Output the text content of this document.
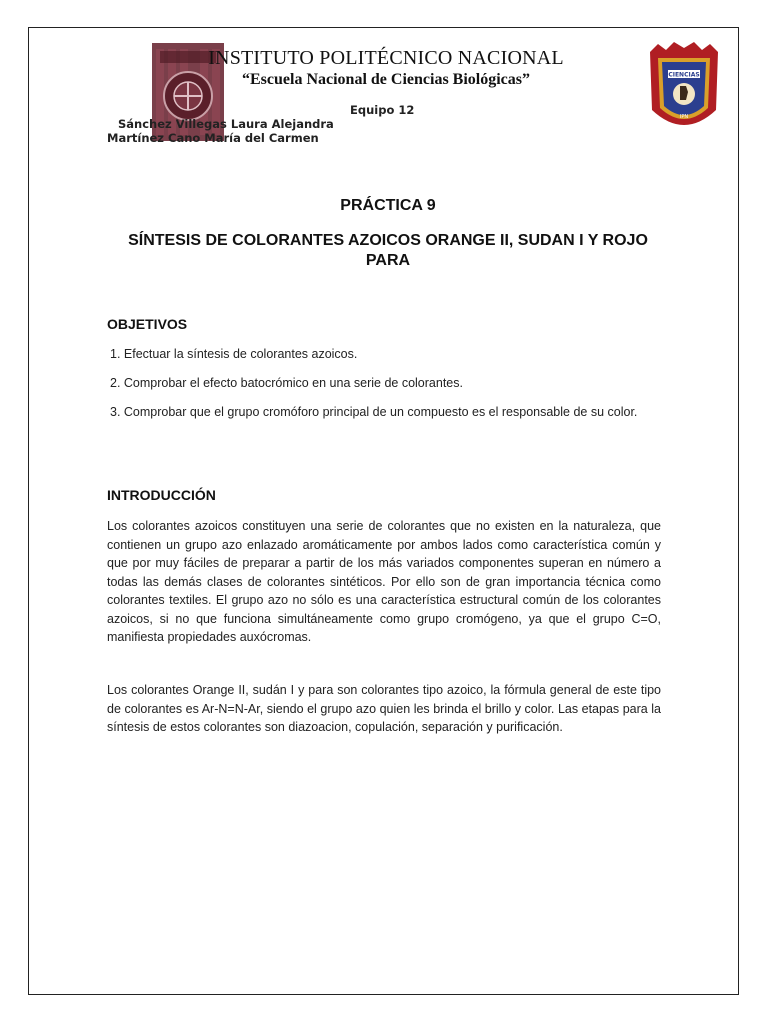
CIENCIAS
IPN
INSTITUTO POLITÉCNICO NACIONAL
“Escuela Nacional de Ciencias Biológicas”
Equipo 12
Sánchez Villegas Laura Alejandra
Martínez Cano María del Carmen
PRÁCTICA 9
SÍNTESIS DE COLORANTES AZOICOS ORANGE II, SUDAN I Y ROJO PARA
OBJETIVOS
1. Efectuar la síntesis de colorantes azoicos.
2. Comprobar el efecto batocrómico en una serie de colorantes.
3. Comprobar que el grupo cromóforo principal de un compuesto es el responsable de su color.
INTRODUCCIÓN
Los colorantes azoicos constituyen una serie de colorantes que no existen en la naturaleza, que contienen un grupo azo enlazado aromáticamente por ambos lados como característica común y que por muy fáciles de preparar a partir de los más variados componentes superan en número a todas las demás clases de colorantes sintéticos. Por ello son de gran importancia técnica como colorantes textiles. El grupo azo no sólo es una característica estructural común de los colorantes azoicos, si no que funciona simultáneamente como grupo cromógeno, ya que el grupo C=O, manifiesta propiedades auxócromas.
Los colorantes Orange II, sudán I y para son colorantes tipo azoico, la fórmula general de este tipo de colorantes es Ar-N=N-Ar, siendo el grupo azo quien les brinda el brillo y color. Las etapas para la síntesis de estos colorantes son diazoacion, copulación, separación y purificación.
